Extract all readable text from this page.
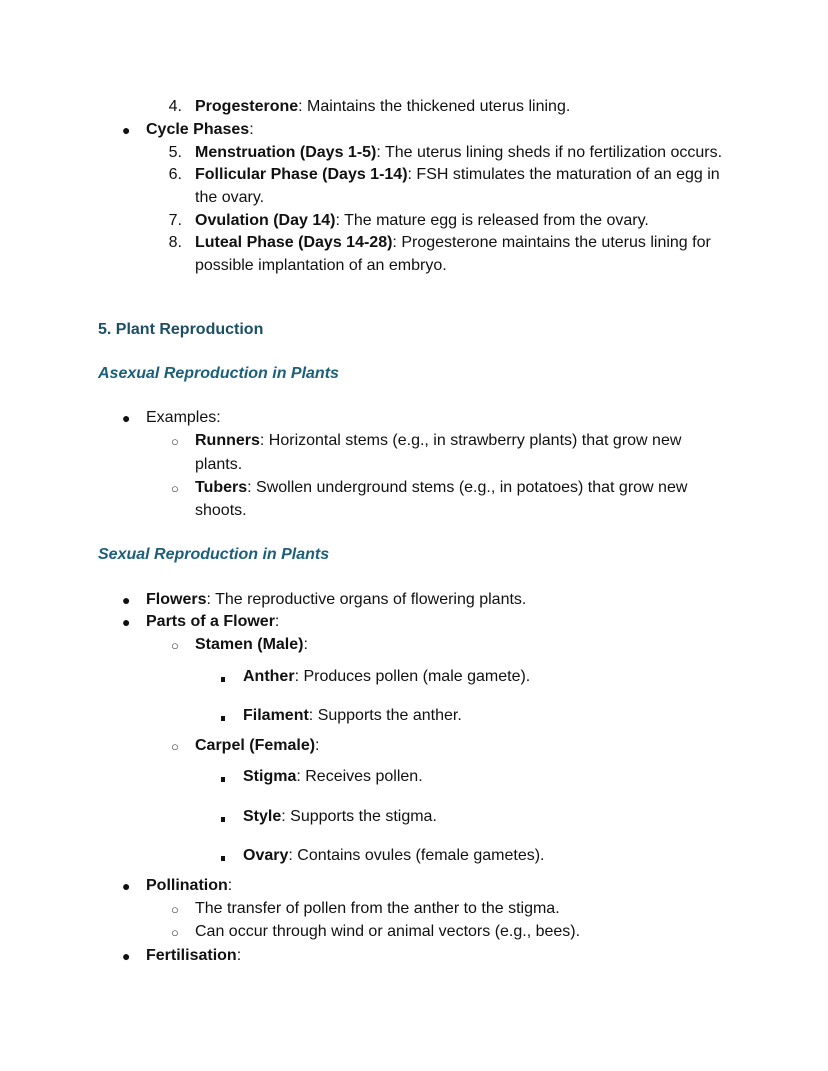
4. Progesterone: Maintains the thickened uterus lining.
● Cycle Phases:
5. Menstruation (Days 1-5): The uterus lining sheds if no fertilization occurs.
6. Follicular Phase (Days 1-14): FSH stimulates the maturation of an egg in
the ovary.
7. Ovulation (Day 14): The mature egg is released from the ovary.
8. Luteal Phase (Days 14-28): Progesterone maintains the uterus lining for
possible implantation of an embryo.
5. Plant Reproduction
Asexual Reproduction in Plants
● Examples:
○ Runners: Horizontal stems (e.g., in strawberry plants) that grow new
plants.
○ Tubers: Swollen underground stems (e.g., in potatoes) that grow new
shoots.
Sexual Reproduction in Plants
● Flowers: The reproductive organs of flowering plants.
● Parts of a Flower:
○ Stamen (Male):
Anther: Produces pollen (male gamete).
Filament: Supports the anther.
○ Carpel (Female):
Stigma: Receives pollen.
Style: Supports the stigma.
Ovary: Contains ovules (female gametes).
● Pollination:
○ The transfer of pollen from the anther to the stigma.
○ Can occur through wind or animal vectors (e.g., bees).
● Fertilisation:
